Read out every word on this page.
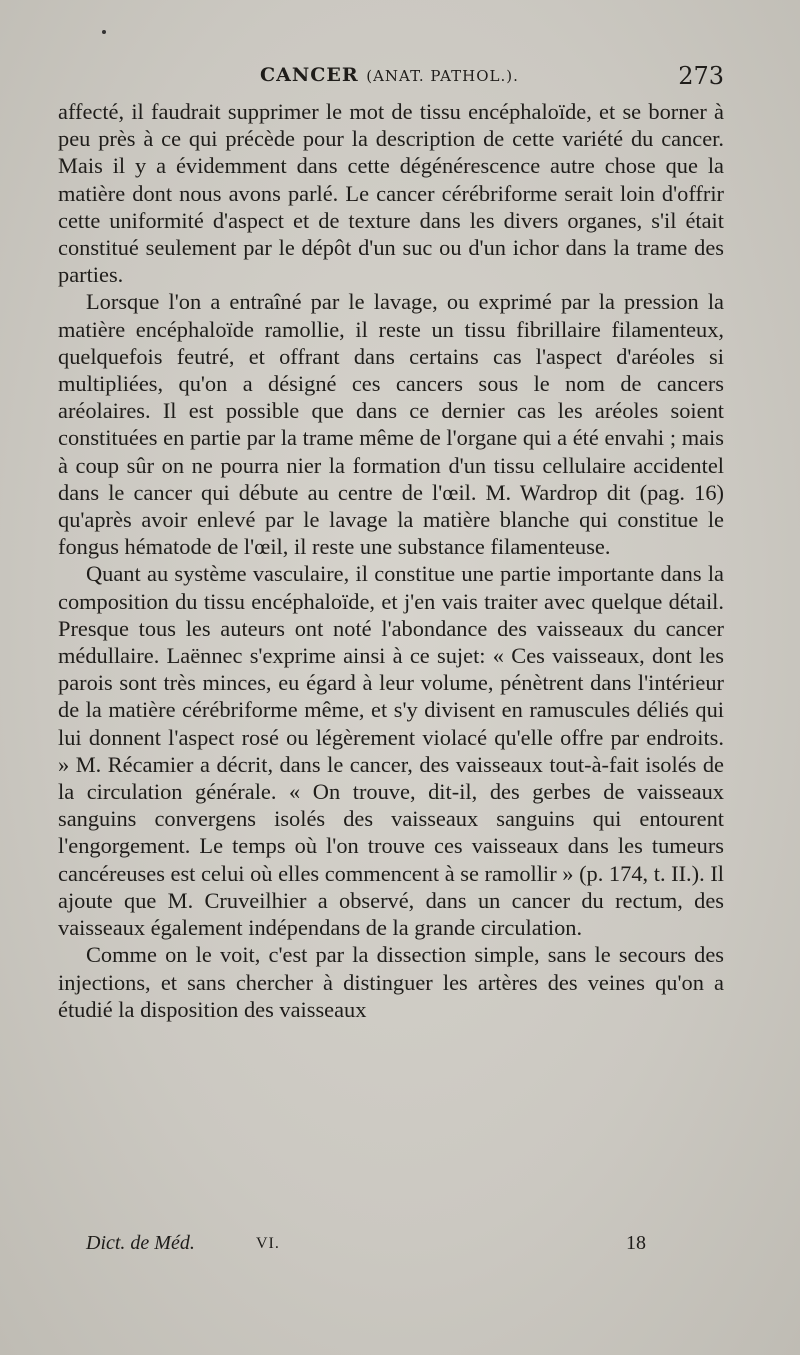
CANCER (ANAT. PATHOL.).	273

affecté, il faudrait supprimer le mot de tissu encéphaloïde, et se borner à peu près à ce qui précède pour la description de cette variété du cancer. Mais il y a évidemment dans cette dégénérescence autre chose que la matière dont nous avons parlé. Le cancer cérébriforme serait loin d'offrir cette uniformité d'aspect et de texture dans les divers organes, s'il était constitué seulement par le dépôt d'un suc ou d'un ichor dans la trame des parties.

Lorsque l'on a entraîné par le lavage, ou exprimé par la pression la matière encéphaloïde ramollie, il reste un tissu fibrillaire filamenteux, quelquefois feutré, et offrant dans certains cas l'aspect d'aréoles si multipliées, qu'on a désigné ces cancers sous le nom de cancers aréolaires. Il est possible que dans ce dernier cas les aréoles soient constituées en partie par la trame même de l'organe qui a été envahi ; mais à coup sûr on ne pourra nier la formation d'un tissu cellulaire accidentel dans le cancer qui débute au centre de l'œil. M. Wardrop dit (pag. 16) qu'après avoir enlevé par le lavage la matière blanche qui constitue le fongus hématode de l'œil, il reste une substance filamenteuse.

Quant au système vasculaire, il constitue une partie importante dans la composition du tissu encéphaloïde, et j'en vais traiter avec quelque détail. Presque tous les auteurs ont noté l'abondance des vaisseaux du cancer médullaire. Laënnec s'exprime ainsi à ce sujet: « Ces vaisseaux, dont les parois sont très minces, eu égard à leur volume, pénètrent dans l'intérieur de la matière cérébriforme même, et s'y divisent en ramuscules déliés qui lui donnent l'aspect rosé ou légèrement violacé qu'elle offre par endroits. » M. Récamier a décrit, dans le cancer, des vaisseaux tout-à-fait isolés de la circulation générale. « On trouve, dit-il, des gerbes de vaisseaux sanguins convergens isolés des vaisseaux sanguins qui entourent l'engorgement. Le temps où l'on trouve ces vaisseaux dans les tumeurs cancéreuses est celui où elles commencent à se ramollir » (p. 174, t. II.). Il ajoute que M. Cruveilhier a observé, dans un cancer du rectum, des vaisseaux également indépendans de la grande circulation.

Comme on le voit, c'est par la dissection simple, sans le secours des injections, et sans chercher à distinguer les artères des veines qu'on a étudié la disposition des vaisseaux

Dict. de Méd.	VI.	18
